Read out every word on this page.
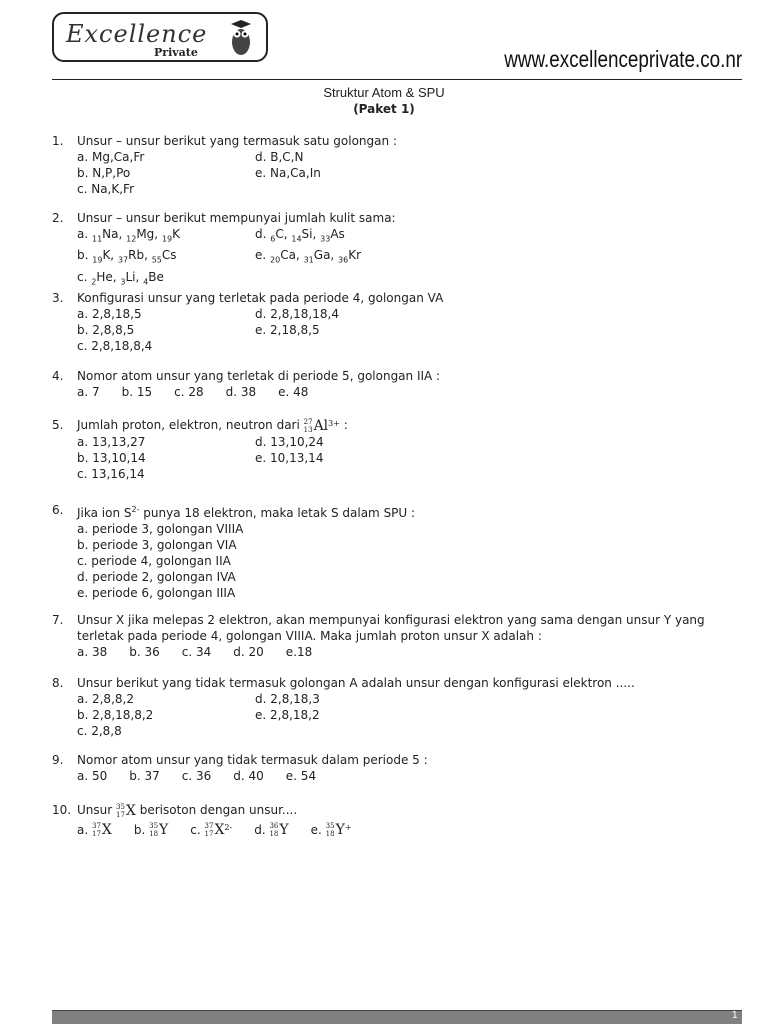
Excellence
Private	www.excellenceprivate.co.nr
Struktur Atom & SPU
(Paket 1)
1. Unsur – unsur berikut yang termasuk satu golongan :
a. Mg,Ca,Fr	d. B,C,N
b. N,P,Po	e. Na,Ca,In
c. Na,K,Fr
2. Unsur – unsur berikut mempunyai jumlah kulit sama:
a. $_{11}$Na, $_{12}$Mg, $_{19}$K	d. $_6$C, $_{14}$Si, $_{33}$As
b. $_{19}$K, $_{37}$Rb, $_{55}$Cs	e. $_{20}$Ca, $_{31}$Ga, $_{36}$Kr
c. $_2$He, $_3$Li, $_4$Be
3. Konfigurasi unsur yang terletak pada periode 4, golongan VA
a. 2,8,18,5	d. 2,8,18,18,4
b. 2,8,8,5	e. 2,18,8,5
c. 2,8,18,8,4
4. Nomor atom unsur yang terletak di periode 5, golongan IIA :
a. 7 b. 15 c. 28 d. 38 e. 48
5. Jumlah proton, elektron, neutron dari 27
13 Al 3+ :
a. 13,13,27	d. 13,10,24
b. 13,10,14	e. 10,13,14
c. 13,16,14
6. Jika ion $S^{2-}$ punya 18 elektron, maka letak S dalam SPU :
a. periode 3, golongan VIIIA
b. periode 3, golongan VIA
c. periode 4, golongan IIA
d. periode 2, golongan IVA
e. periode 6, golongan IIIA
7. Unsur X jika melepas 2 elektron, akan mempunyai konfigurasi elektron yang sama dengan unsur Y yang terletak pada periode 4, golongan VIIIA. Maka jumlah proton unsur X adalah :
a. 38 b. 36 c. 34 d. 20 e.18
8. Unsur berikut yang tidak termasuk golongan A adalah unsur dengan konfigurasi elektron .....
a. 2,8,8,2	d. 2,8,18,3
b. 2,8,18,8,2	e. 2,8,18,2
c. 2,8,8
9. Nomor atom unsur yang tidak termasuk dalam periode 5 :
a. 50 b. 37 c. 36 d. 40 e. 54
10. Unsur 35
17 X berisoton dengan unsur....
a. 37
17 X b. 35
18 Y c. 37
17 X 2- d. 36
18 Y e. 35
18 Y +
1
